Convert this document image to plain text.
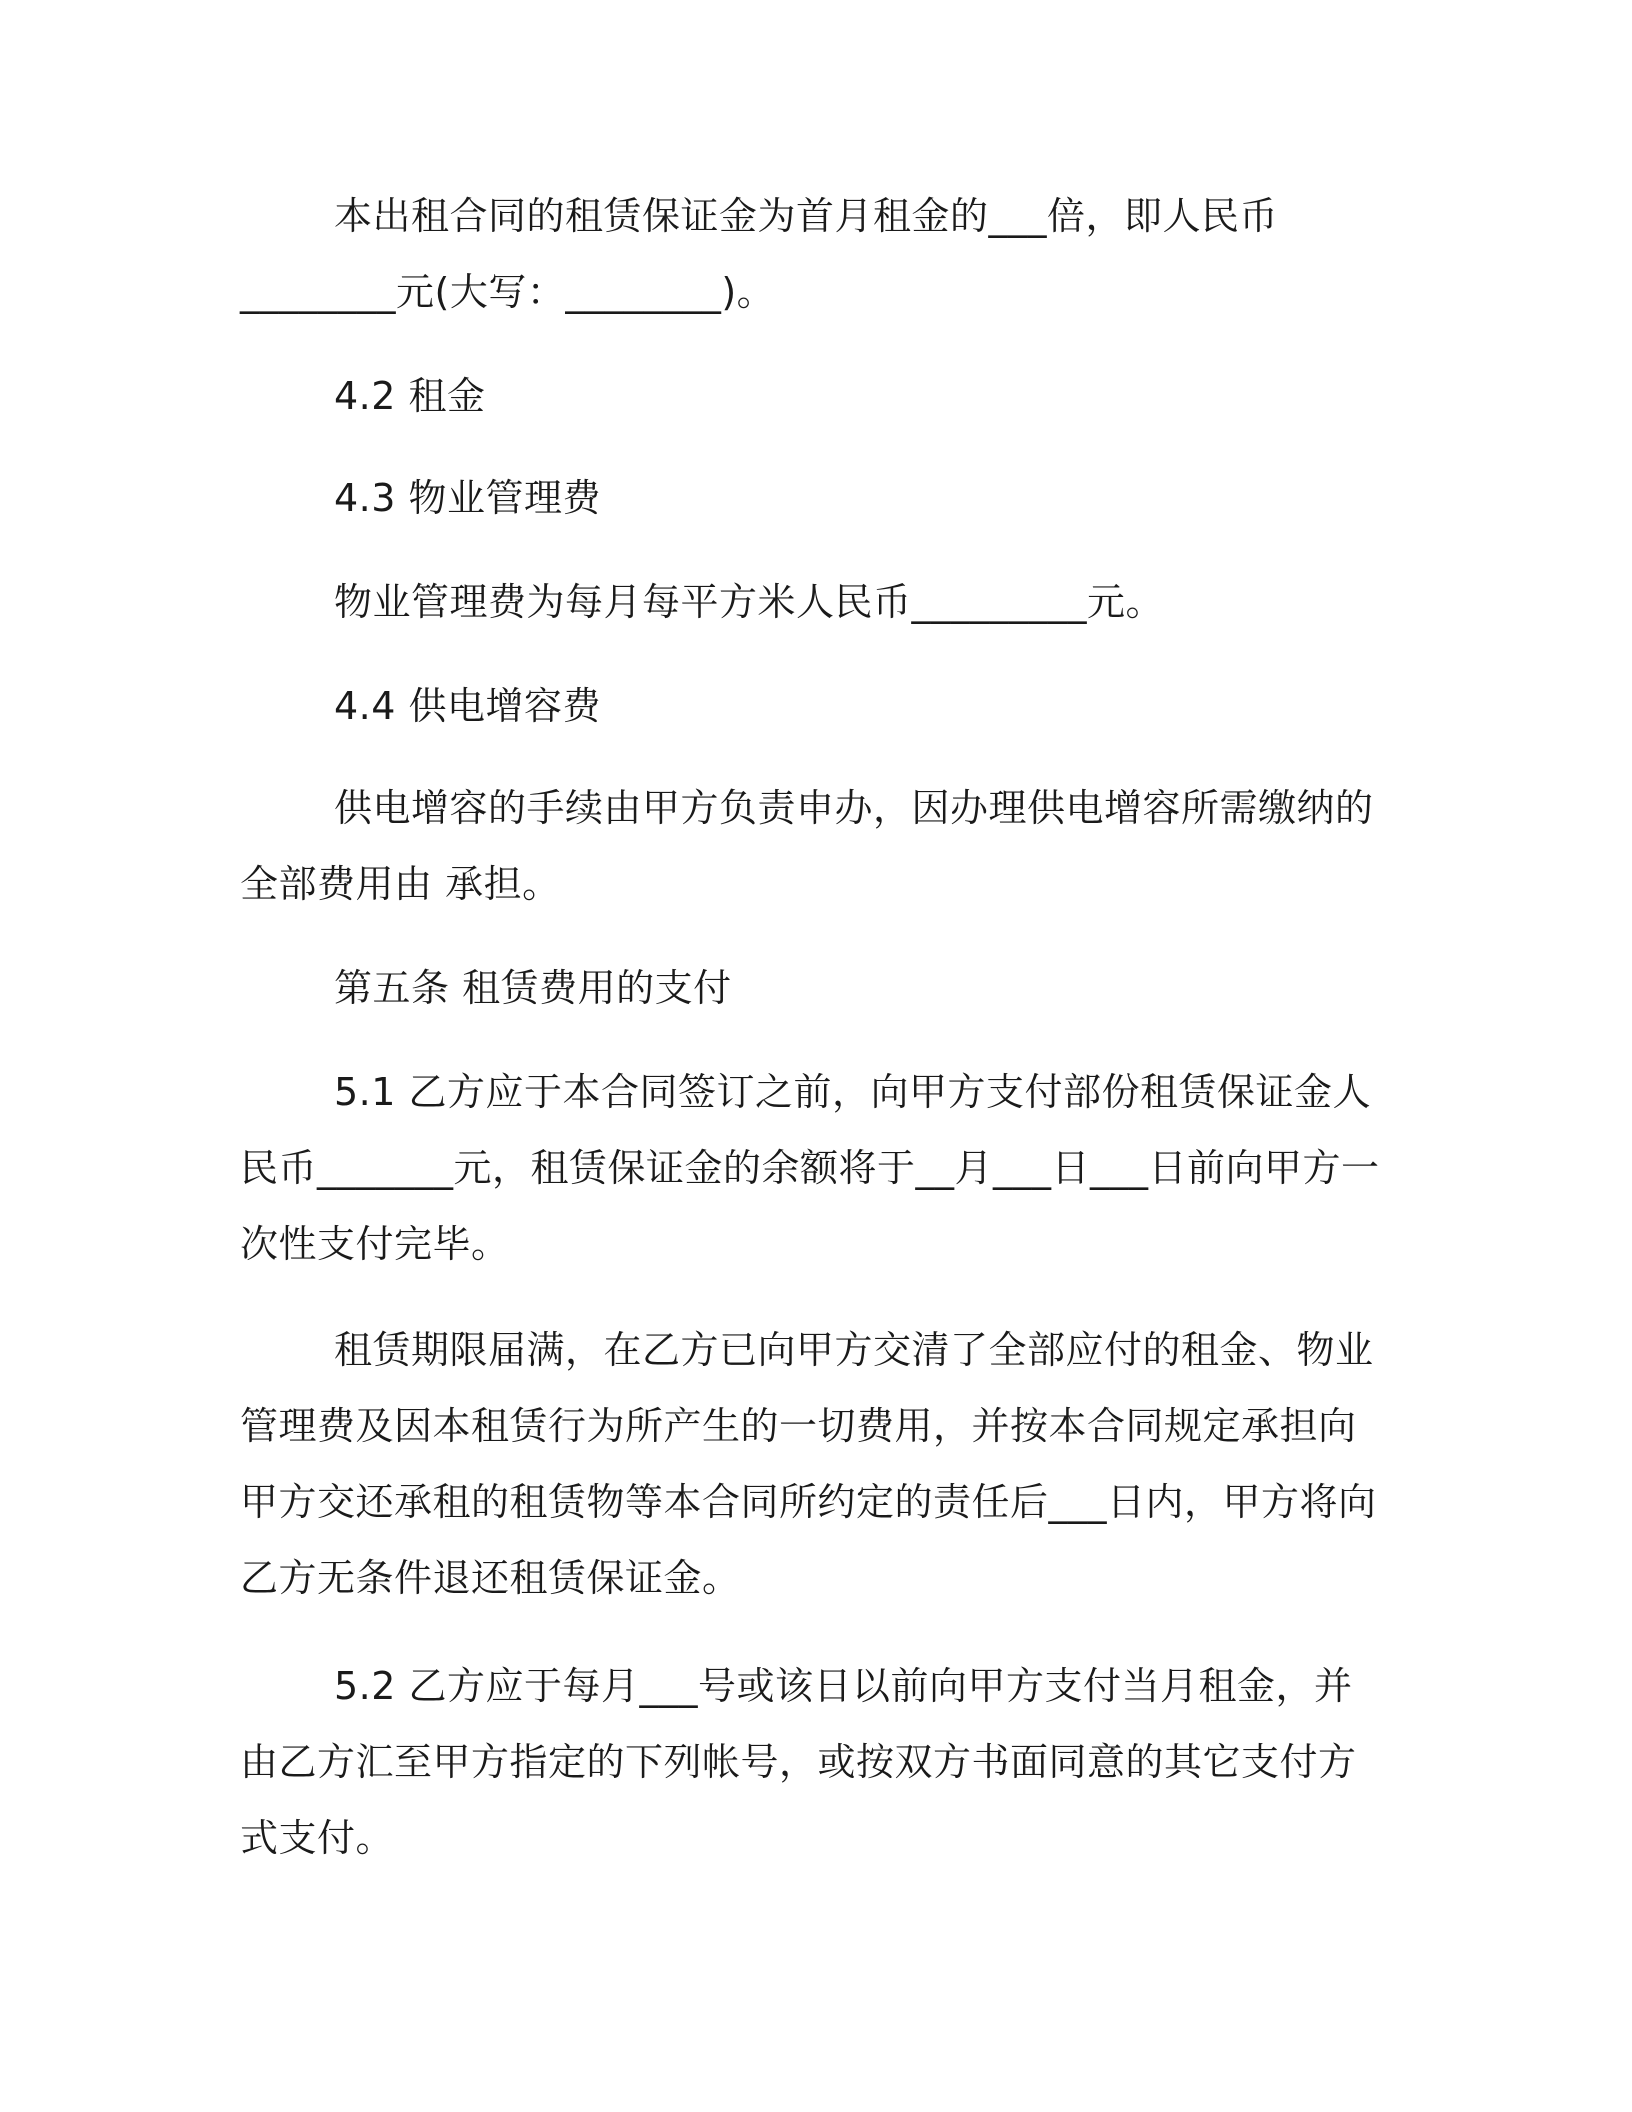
本出租合同的租赁保证金为首月租金的___倍，即人民币________元(大写：________)。

4.2 租金

4.3 物业管理费

物业管理费为每月每平方米人民币_________元。

4.4 供电增容费

供电增容的手续由甲方负责申办，因办理供电增容所需缴纳的全部费用由 承担。

第五条 租赁费用的支付

5.1 乙方应于本合同签订之前，向甲方支付部份租赁保证金人民币_______元，租赁保证金的余额将于__月___日___日前向甲方一次性支付完毕。

租赁期限届满，在乙方已向甲方交清了全部应付的租金、物业管理费及因本租赁行为所产生的一切费用，并按本合同规定承担向甲方交还承租的租赁物等本合同所约定的责任后___日内，甲方将向乙方无条件退还租赁保证金。

5.2 乙方应于每月___号或该日以前向甲方支付当月租金，并由乙方汇至甲方指定的下列帐号，或按双方书面同意的其它支付方式支付。
